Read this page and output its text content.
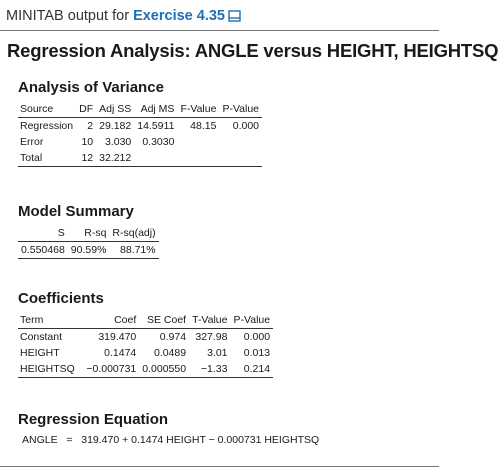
MINITAB output for Exercise 4.35
Regression Analysis: ANGLE versus HEIGHT, HEIGHTSQ
Analysis of Variance
Source	DF	Adj SS	Adj MS	F-Value	P-Value
Regression	2	29.182	14.5911	48.15	0.000
Error	10	3.030	0.3030		
Total	12	32.212			
Model Summary
S	R-sq	R-sq(adj)
0.550468	90.59%	88.71%
Coefficients
Term	Coef	SE Coef	T-Value	P-Value
Constant	319.470	0.974	327.98	0.000
HEIGHT	0.1474	0.0489	3.01	0.013
HEIGHTSQ	−0.000731	0.000550	−1.33	0.214
Regression Equation
ANGLE   =   319.470 + 0.1474 HEIGHT − 0.000731 HEIGHTSQ
